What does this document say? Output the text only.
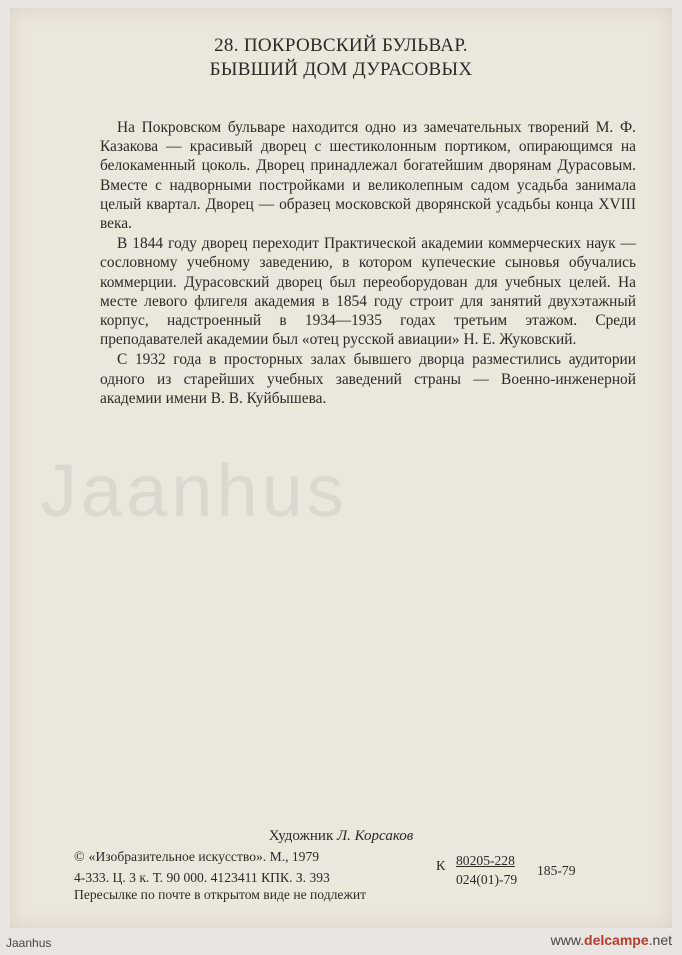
28. ПОКРОВСКИЙ БУЛЬВАР.
БЫВШИЙ ДОМ ДУРАСОВЫХ

На Покровском бульваре находится одно из замечательных творений М. Ф. Казакова — красивый дворец с шестиколонным портиком, опирающимся на белокаменный цоколь. Дворец принадлежал богатейшим дворянам Дурасовым. Вместе с надворными постройками и великолепным садом усадьба занимала целый квартал. Дворец — образец московской дворянской усадьбы конца XVIII века.

В 1844 году дворец переходит Практической академии коммерческих наук — сословному учебному заведению, в котором купеческие сыновья обучались коммерции. Дурасовский дворец был переоборудован для учебных целей. На месте левого флигеля академия в 1854 году строит для занятий двухэтажный корпус, надстроенный в 1934—1935 годах третьим этажом. Среди преподавателей академии был «отец русской авиации» Н. Е. Жуковский.

С 1932 года в просторных залах бывшего дворца разместились аудитории одного из старейших учебных заведений страны — Военно-инженерной академии имени В. В. Куйбышева.

Jaanhus
Художник Л. Корсаков
© «Изобразительное искусство». М., 1979
4-333. Ц. 3 к. Т. 90 000. 4123411 КПК. З. 393
Пересылке по почте в открытом виде не подлежит
К 80205-228
024(01)-79
185-79
Jaanhus	www.delcampe.net
